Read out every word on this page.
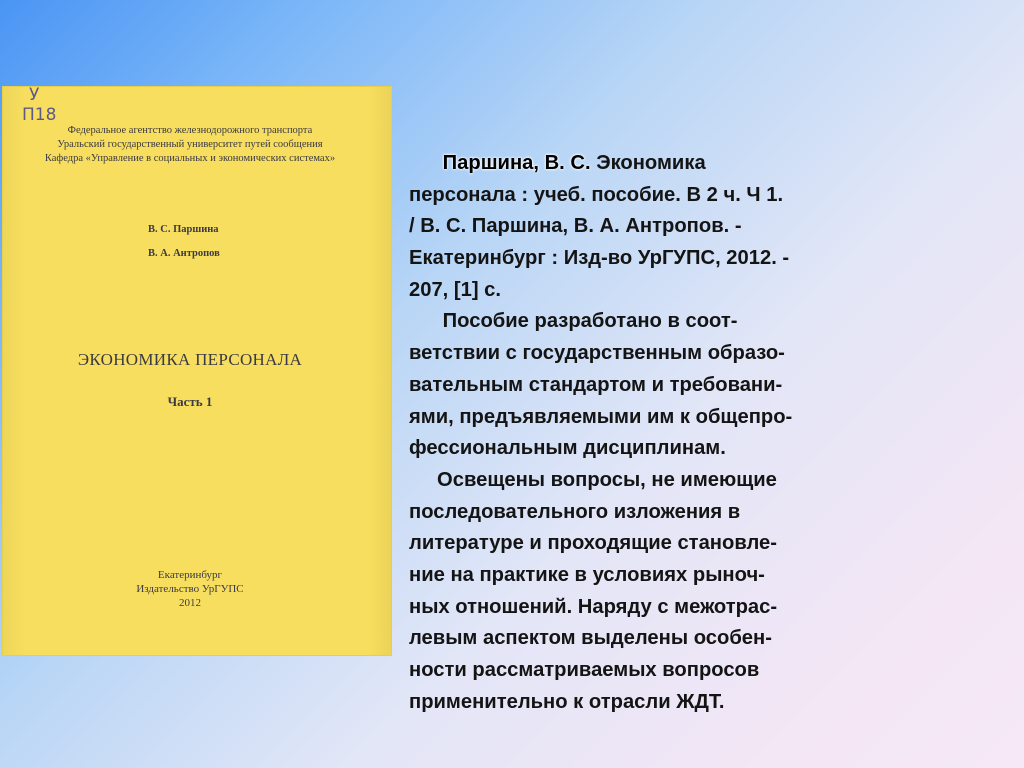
У
П18
Федеральное агентство железнодорожного транспорта
Уральский государственный университет путей сообщения
Кафедра «Управление в социальных и экономических системах»
В. С. Паршина
В. А. Антропов
ЭКОНОМИКА ПЕРСОНАЛА
Часть 1
Екатеринбург
Издательство УрГУПС
2012
Паршина, В. С. Экономика
персонала : учеб. пособие. В 2 ч. Ч 1.
/ В. С. Паршина, В. А. Антропов. -
Екатеринбург : Изд-во УрГУПС, 2012. -
207, [1] с.
Пособие разработано в соот-
ветствии с государственным образо-
вательным стандартом и требовани-
ями, предъявляемыми им к общепро-
фессиональным дисциплинам.
Освещены вопросы, не имеющие
последовательного изложения в
литературе и проходящие становле-
ние на практике в условиях рыноч-
ных отношений. Наряду с межотрас-
левым аспектом выделены особен-
ности рассматриваемых вопросов
применительно к отрасли ЖДТ.
